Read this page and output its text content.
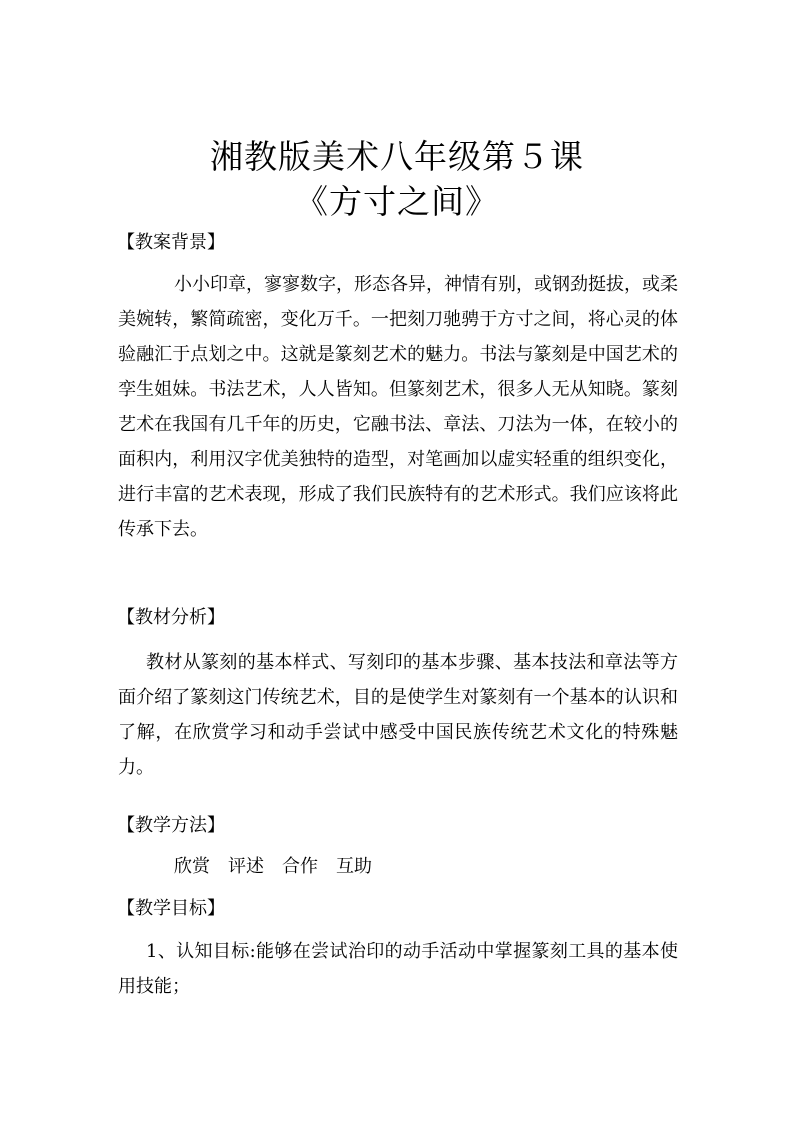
湘教版美术八年级第５课
《方寸之间》
【教案背景】

小小印章，寥寥数字，形态各异，神情有别，或钢劲挺拔，或柔美婉转，繁简疏密，变化万千。一把刻刀驰骋于方寸之间，将心灵的体验融汇于点划之中。这就是篆刻艺术的魅力。书法与篆刻是中国艺术的孪生姐妹。书法艺术，人人皆知。但篆刻艺术，很多人无从知晓。篆刻艺术在我国有几千年的历史，它融书法、章法、刀法为一体，在较小的面积内，利用汉字优美独特的造型，对笔画加以虚实轻重的组织变化，进行丰富的艺术表现，形成了我们民族特有的艺术形式。我们应该将此传承下去。

【教材分析】

教材从篆刻的基本样式、写刻印的基本步骤、基本技法和章法等方面介绍了篆刻这门传统艺术，目的是使学生对篆刻有一个基本的认识和了解，在欣赏学习和动手尝试中感受中国民族传统艺术文化的特殊魅力。

【教学方法】

欣赏　评述　合作　互助

【教学目标】

1、认知目标:能够在尝试治印的动手活动中掌握篆刻工具的基本使用技能；
